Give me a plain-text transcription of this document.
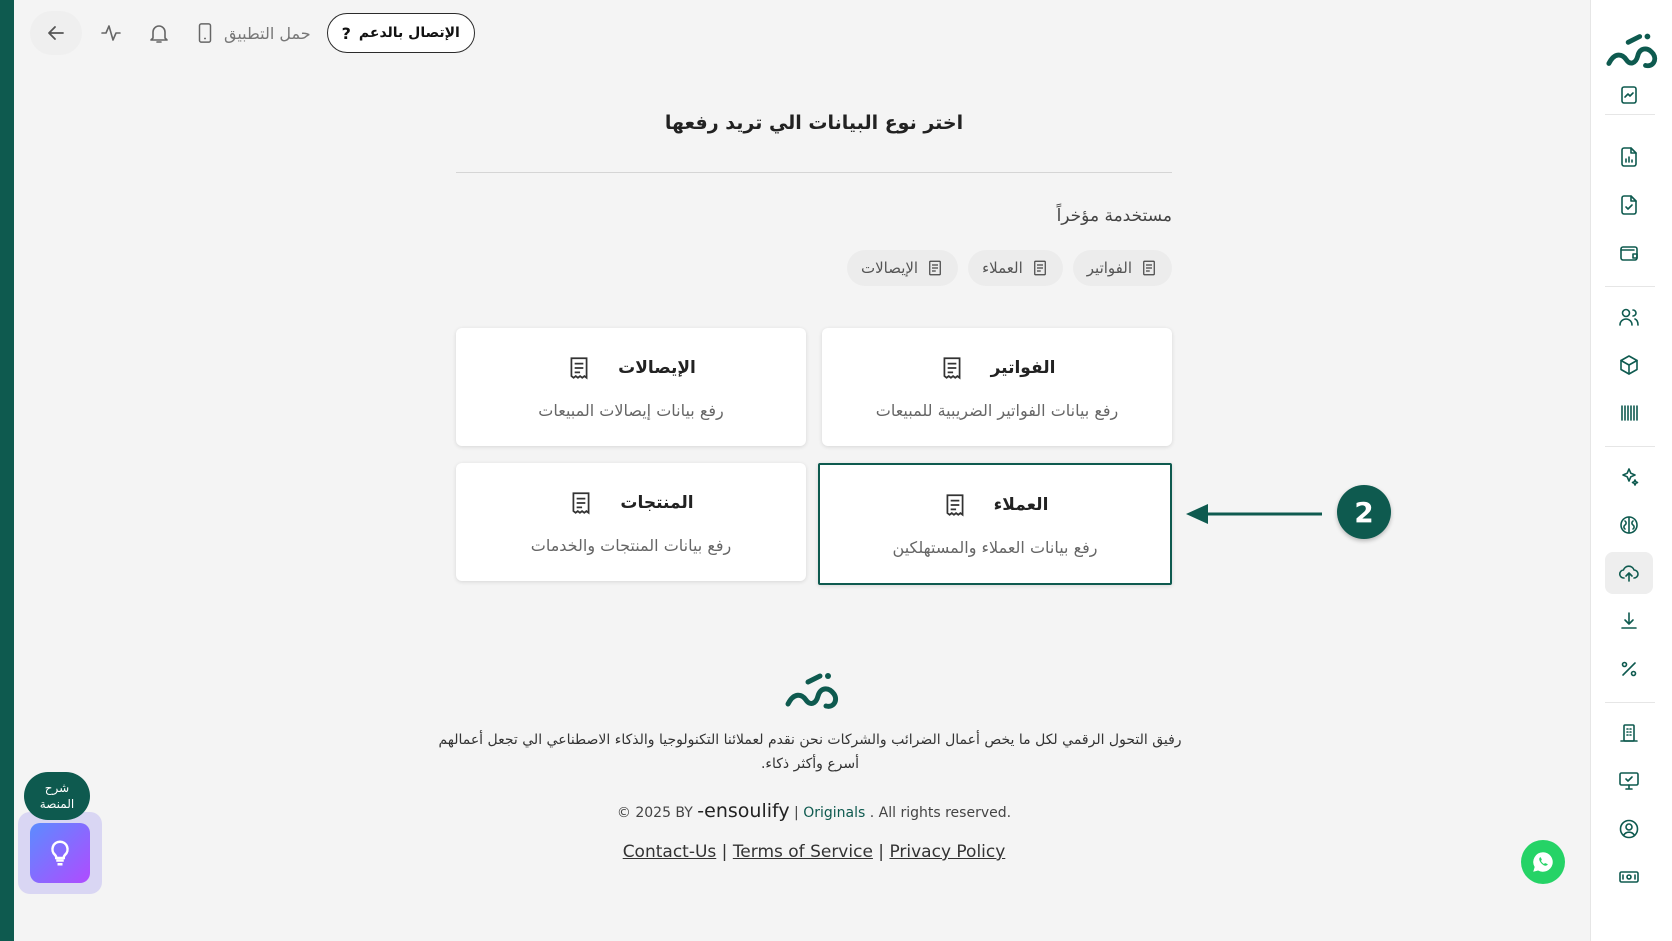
حمل التطبيق ? الإتصال بالدعم
اختر نوع البيانات الي تريد رفعها
مستخدمة مؤخراً
الفواتير
العملاء
الإيصالات
الفواتير
رفع بيانات الفواتير الضريبية للمبيعات
الإيصالات
رفع بيانات إيصالات المبيعات
العملاء
رفع بيانات العملاء والمستهلكين
المنتجات
رفع بيانات المنتجات والخدمات
2
رفيق التحول الرقمي لكل ما يخص أعمال الضرائب والشركات نحن نقدم لعملائنا التكنولوجيا والذكاء الاصطناعي الي تجعل أعمالهم أسرع وأكثر ذكاء.
© 2025 BY -ensoulify | Originals . All rights reserved.
Contact-Us | Terms of Service | Privacy Policy
شرح
المنصة
